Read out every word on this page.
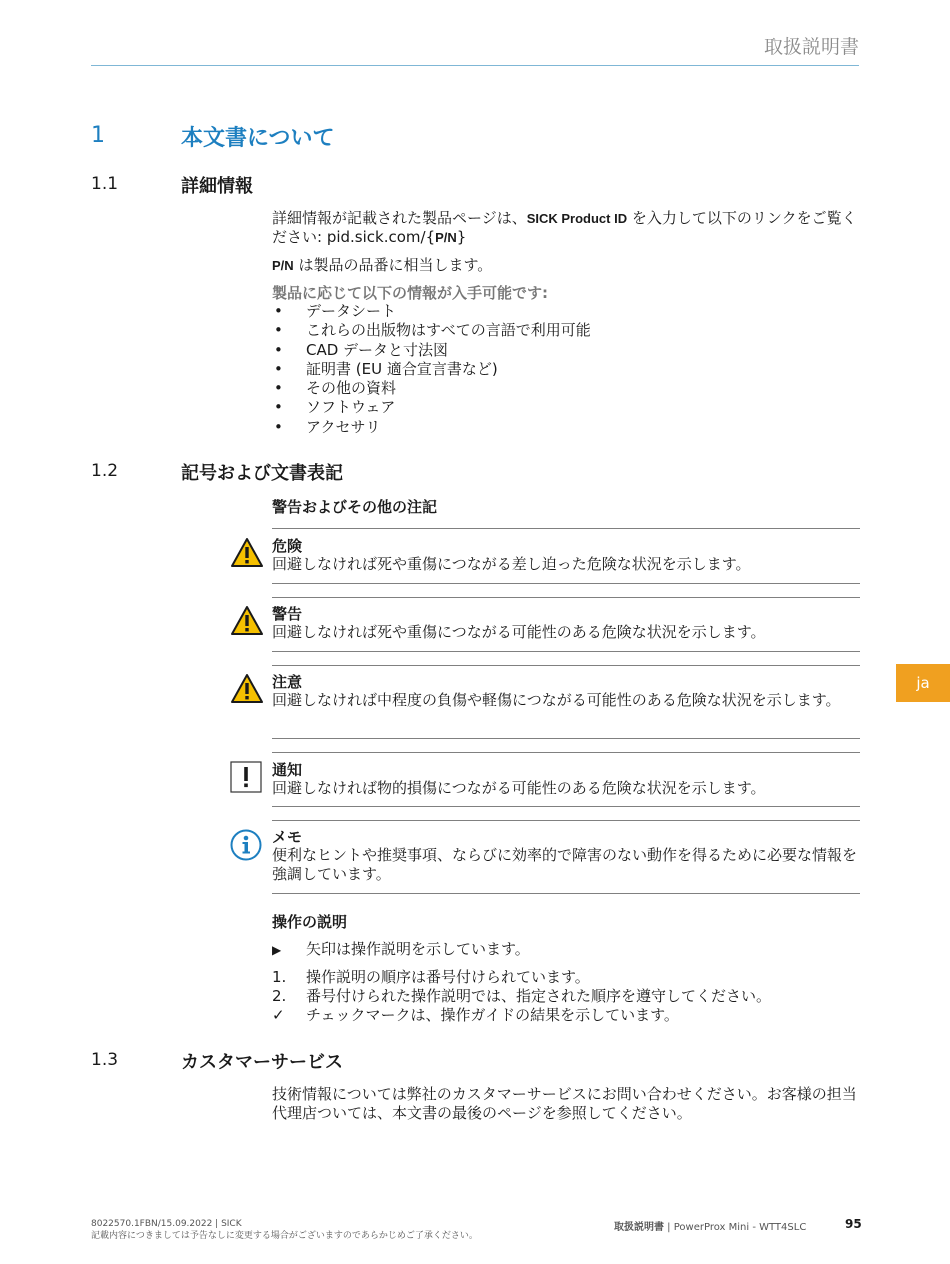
取扱説明書
ja
1	本文書について
1.1	詳細情報
詳細情報が記載された製品ページは、SICK Product ID を入力して以下のリンクをご覧ください: pid.sick.com/{P/N}
P/N は製品の品番に相当します。
製品に応じて以下の情報が入手可能です:
• データシート
• これらの出版物はすべての言語で利用可能
• CAD データと寸法図
• 証明書 (EU 適合宣言書など)
• その他の資料
• ソフトウェア
• アクセサリ
1.2	記号および文書表記
警告およびその他の注記
危険
回避しなければ死や重傷につながる差し迫った危険な状況を示します。
警告
回避しなければ死や重傷につながる可能性のある危険な状況を示します。
注意
回避しなければ中程度の負傷や軽傷につながる可能性のある危険な状況を示します。
通知
回避しなければ物的損傷につながる可能性のある危険な状況を示します。
メモ
便利なヒントや推奨事項、ならびに効率的で障害のない動作を得るために必要な情報を強調しています。
操作の説明
▶ 矢印は操作説明を示しています。
1. 操作説明の順序は番号付けられています。
2. 番号付けられた操作説明では、指定された順序を遵守してください。
✓ チェックマークは、操作ガイドの結果を示しています。
1.3	カスタマーサービス
技術情報については弊社のカスタマーサービスにお問い合わせください。お客様の担当代理店ついては、本文書の最後のページを参照してください。
8022570.1FBN/15.09.2022 | SICK
記載内容につきましては予告なしに変更する場合がございますのであらかじめご了承ください。
取扱説明書 | PowerProx Mini - WTT4SLC	95
